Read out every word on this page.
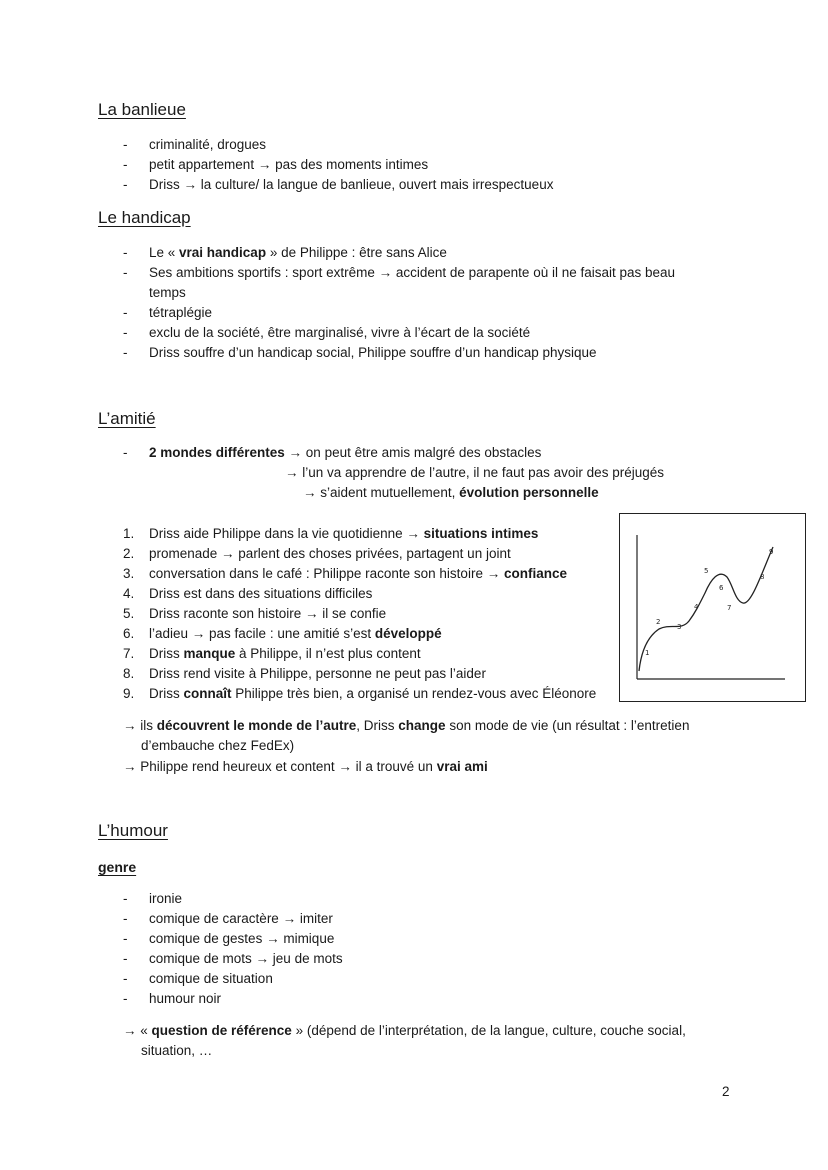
La banlieue
- criminalité, drogues
- petit appartement → pas des moments intimes
- Driss → la culture/ la langue de banlieue, ouvert mais irrespectueux
Le handicap
- Le « vrai handicap » de Philippe : être sans Alice
- Ses ambitions sportifs : sport extrême → accident de parapente où il ne faisait pas beau
temps
- tétraplégie
- exclu de la société, être marginalisé, vivre à l’écart de la société
- Driss souffre d’un handicap social, Philippe souffre d’un handicap physique
L’amitié
- 2 mondes différentes → on peut être amis malgré des obstacles
→ l’un va apprendre de l’autre, il ne faut pas avoir des préjugés
→ s’aident mutuellement, évolution personnelle
1. Driss aide Philippe dans la vie quotidienne → situations intimes
2. promenade → parlent des choses privées, partagent un joint
3. conversation dans le café : Philippe raconte son histoire → confiance
4. Driss est dans des situations difficiles
5. Driss raconte son histoire → il se confie
6. l’adieu → pas facile : une amitié s’est développé
7. Driss manque à Philippe, il n’est plus content
8. Driss rend visite à Philippe, personne ne peut pas l’aider
9. Driss connaît Philippe très bien, a organisé un rendez-vous avec Éléonore
1
2
3
4
5
6
7
8
9
→ ils découvrent le monde de l’autre, Driss change son mode de vie (un résultat : l’entretien
d’embauche chez FedEx)
→ Philippe rend heureux et content → il a trouvé un vrai ami
L’humour
genre
- ironie
- comique de caractère → imiter
- comique de gestes → mimique
- comique de mots → jeu de mots
- comique de situation
- humour noir
→ « question de référence » (dépend de l’interprétation, de la langue, culture, couche social,
situation, …
2
